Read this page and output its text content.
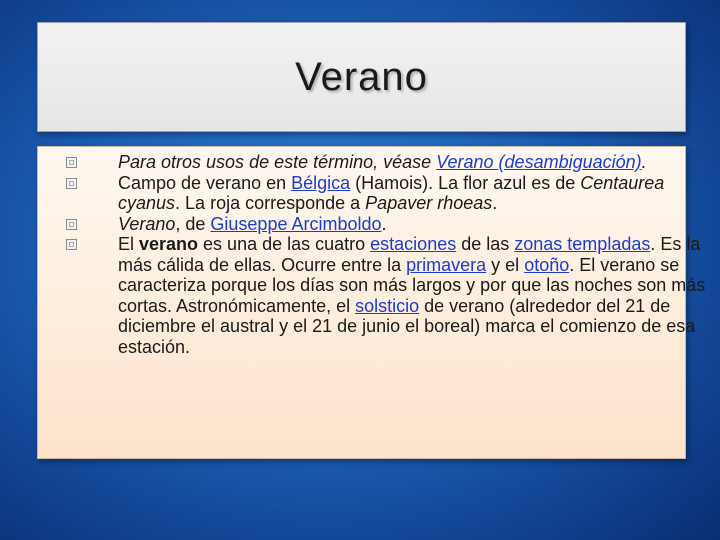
Verano
Para otros usos de este término, véase Verano (desambiguación).
Campo de verano en Bélgica (Hamois). La flor azul es de Centaurea cyanus. La roja corresponde a Papaver rhoeas.
Verano, de Giuseppe Arcimboldo.
El verano es una de las cuatro estaciones de las zonas templadas. Es la más cálida de ellas. Ocurre entre la primavera y el otoño. El verano se caracteriza porque los días son más largos y por que las noches son más cortas. Astronómicamente, el solsticio de verano (alrededor del 21 de diciembre el austral y el 21 de junio el boreal) marca el comienzo de esa estación.
